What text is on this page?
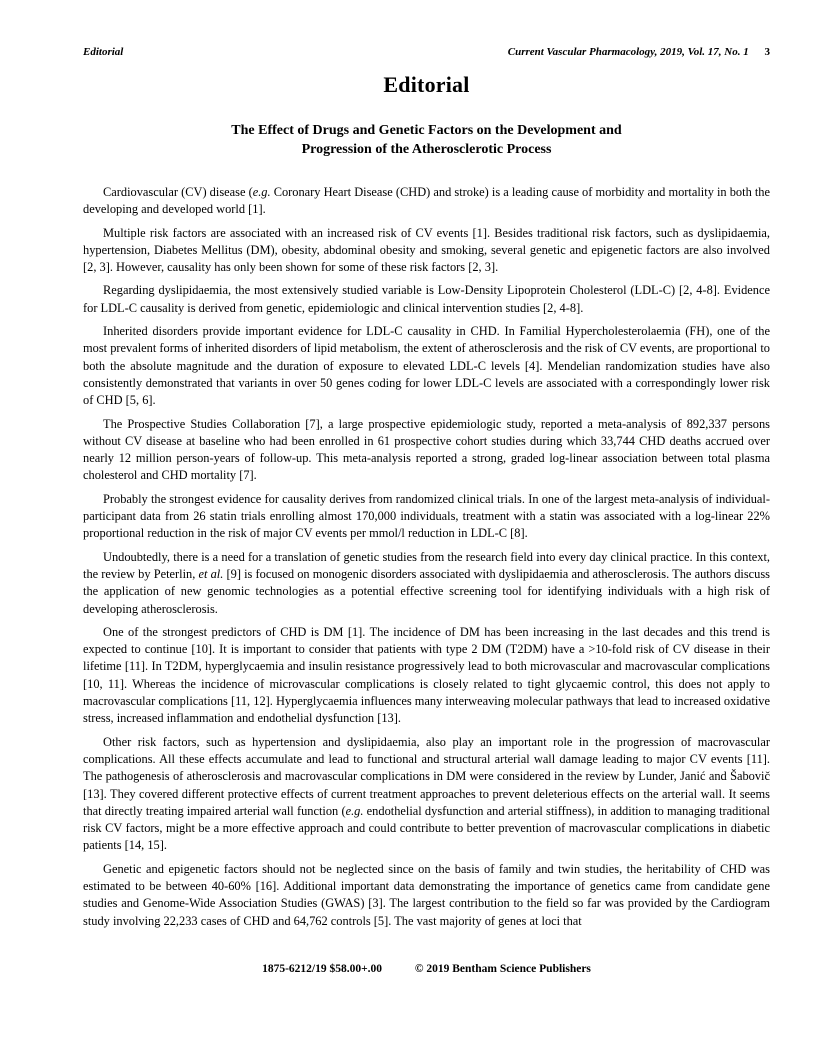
Editorial	Current Vascular Pharmacology, 2019, Vol. 17, No. 1 3
Editorial
The Effect of Drugs and Genetic Factors on the Development and
Progression of the Atherosclerotic Process

Cardiovascular (CV) disease (e.g. Coronary Heart Disease (CHD) and stroke) is a leading cause of morbidity and mortality in both the developing and developed world [1].

Multiple risk factors are associated with an increased risk of CV events [1]. Besides traditional risk factors, such as dyslipidaemia, hypertension, Diabetes Mellitus (DM), obesity, abdominal obesity and smoking, several genetic and epigenetic factors are also involved [2, 3]. However, causality has only been shown for some of these risk factors [2, 3].

Regarding dyslipidaemia, the most extensively studied variable is Low-Density Lipoprotein Cholesterol (LDL-C) [2, 4-8]. Evidence for LDL-C causality is derived from genetic, epidemiologic and clinical intervention studies [2, 4-8].

Inherited disorders provide important evidence for LDL-C causality in CHD. In Familial Hypercholesterolaemia (FH), one of the most prevalent forms of inherited disorders of lipid metabolism, the extent of atherosclerosis and the risk of CV events, are proportional to both the absolute magnitude and the duration of exposure to elevated LDL-C levels [4]. Mendelian randomization studies have also consistently demonstrated that variants in over 50 genes coding for lower LDL-C levels are associated with a correspondingly lower risk of CHD [5, 6].

The Prospective Studies Collaboration [7], a large prospective epidemiologic study, reported a meta-analysis of 892,337 persons without CV disease at baseline who had been enrolled in 61 prospective cohort studies during which 33,744 CHD deaths accrued over nearly 12 million person-years of follow-up. This meta-analysis reported a strong, graded log-linear association between total plasma cholesterol and CHD mortality [7].

Probably the strongest evidence for causality derives from randomized clinical trials. In one of the largest meta-analysis of individual-participant data from 26 statin trials enrolling almost 170,000 individuals, treatment with a statin was associated with a log-linear 22% proportional reduction in the risk of major CV events per mmol/l reduction in LDL-C [8].

Undoubtedly, there is a need for a translation of genetic studies from the research field into every day clinical practice. In this context, the review by Peterlin, et al. [9] is focused on monogenic disorders associated with dyslipidaemia and atherosclerosis. The authors discuss the application of new genomic technologies as a potential effective screening tool for identifying individuals with a high risk of developing atherosclerosis.

One of the strongest predictors of CHD is DM [1]. The incidence of DM has been increasing in the last decades and this trend is expected to continue [10]. It is important to consider that patients with type 2 DM (T2DM) have a >10-fold risk of CV disease in their lifetime [11]. In T2DM, hyperglycaemia and insulin resistance progressively lead to both microvascular and macrovascular complications [10, 11]. Whereas the incidence of microvascular complications is closely related to tight glycaemic control, this does not apply to macrovascular complications [11, 12]. Hyperglycaemia influences many interweaving molecular pathways that lead to increased oxidative stress, increased inflammation and endothelial dysfunction [13].

Other risk factors, such as hypertension and dyslipidaemia, also play an important role in the progression of macrovascular complications. All these effects accumulate and lead to functional and structural arterial wall damage leading to major CV events [11]. The pathogenesis of atherosclerosis and macrovascular complications in DM were considered in the review by Lunder, Janić and Šabovič [13]. They covered different protective effects of current treatment approaches to prevent deleterious effects on the arterial wall. It seems that directly treating impaired arterial wall function (e.g. endothelial dysfunction and arterial stiffness), in addition to managing traditional risk CV factors, might be a more effective approach and could contribute to better prevention of macrovascular complications in diabetic patients [14, 15].

Genetic and epigenetic factors should not be neglected since on the basis of family and twin studies, the heritability of CHD was estimated to be between 40-60% [16]. Additional important data demonstrating the importance of genetics came from candidate gene studies and Genome-Wide Association Studies (GWAS) [3]. The largest contribution to the field so far was provided by the Cardiogram study involving 22,233 cases of CHD and 64,762 controls [5]. The vast majority of genes at loci that

1875-6212/19 $58.00+.00	© 2019 Bentham Science Publishers
